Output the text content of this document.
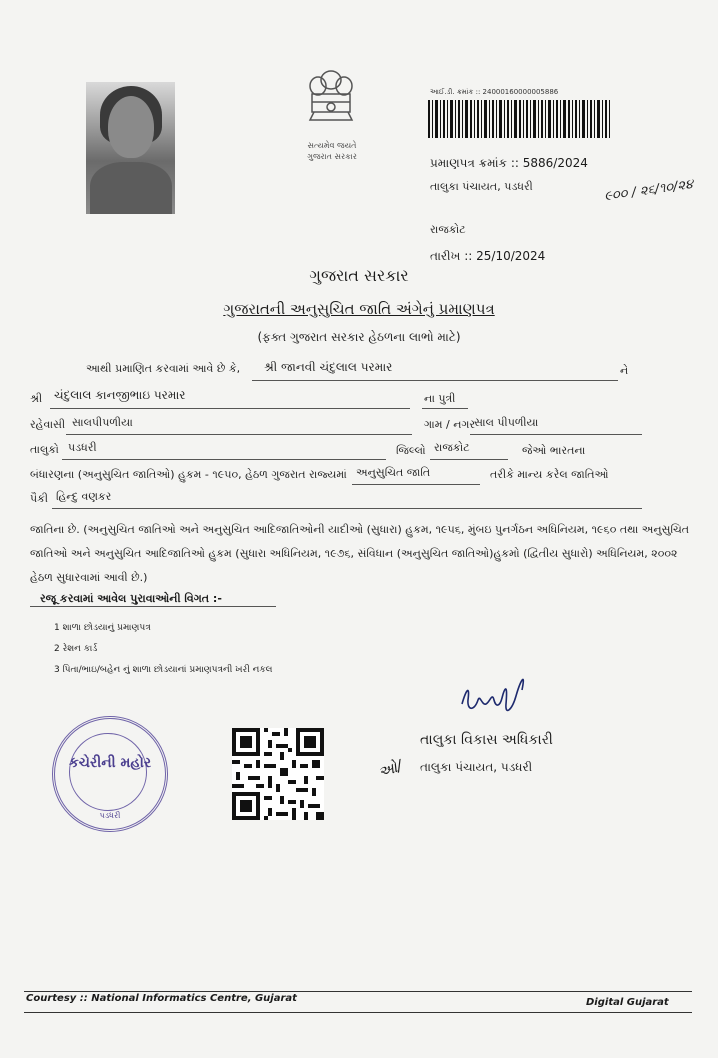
સત્યમેવ જયતે
ગુજરાત સરકાર
આઈ.ડી. ક્રમાંક :: 24000160000005886
પ્રમાણપત્ર ક્રમાંક :: 5886/2024
તાલુકા પંચાયત, પડધરી
રાજકોટ
તારીખ :: 25/10/2024
૯૦૦ / ૨૬/૧૦/૨૪
ગુજરાત સરકાર
ગુજરાતની અનુસુચિત જાતિ અંગેનું પ્રમાણપત્ર
(ફક્ત ગુજરાત સરકાર હેઠળના લાભો માટે)
આથી પ્રમાણિત કરવામાં આવે છે કે, શ્રી જાનવી ચંદુલાલ પરમાર	ને
શ્રી ચંદુલાલ કાનજીભાઇ પરમાર	ના પુત્રી
રહેવાસી સાલપીપળીયા	ગામ / નગર
સાલ પીપળીયા
તાલુકો પડધરી	જિલ્લો રાજકોટ	જેઓ ભારતના
બંધારણના (અનુસુચિત જાતિઓ) હુકમ - ૧૯૫૦, હેઠળ ગુજરાત રાજ્યમાં અનુસુચિત જાતિ	તરીકે માન્ય કરેલ જાતિઓ
પૈકી હિન્દુ વણકર
જાતિના છે. (અનુસુચિત જાતિઓ અને અનુસુચિત આદિજાતિઓની યાદીઓ (સુધારા) હુકમ, ૧૯૫૬, મુંબઇ પુનર્ગઠન અધિનિયમ, ૧૯૬૦ તથા અનુસુચિત જાતિઓ અને અનુસુચિત આદિજાતિઓ હુકમ (સુધારા અધિનિયમ, ૧૯૭૬, સંવિધાન (અનુસુચિત જાતિઓ)હુકમો (દ્વિતીય સુધારો) અધિનિયમ, ૨૦૦૨ હેઠળ સુધારવામાં આવી છે.)
રજૂ કરવામાં આવેલ પુરાવાઓની વિગત :-
1 શાળા છોડયાનું પ્રમાણપત્ર
2 રેશન કાર્ડ
3 પિતા/ભાઇ/બહેન નું શાળા છોડયાનાં પ્રમાણપત્રની ખરી નકલ
કચેરીની મહોર
પડધરી
તાલુકા વિકાસ અધિકારી
તાલુકા પંચાયત, પડધરી
ઓ/
Courtesy :: National Informatics Centre, Gujarat	Digital Gujarat
